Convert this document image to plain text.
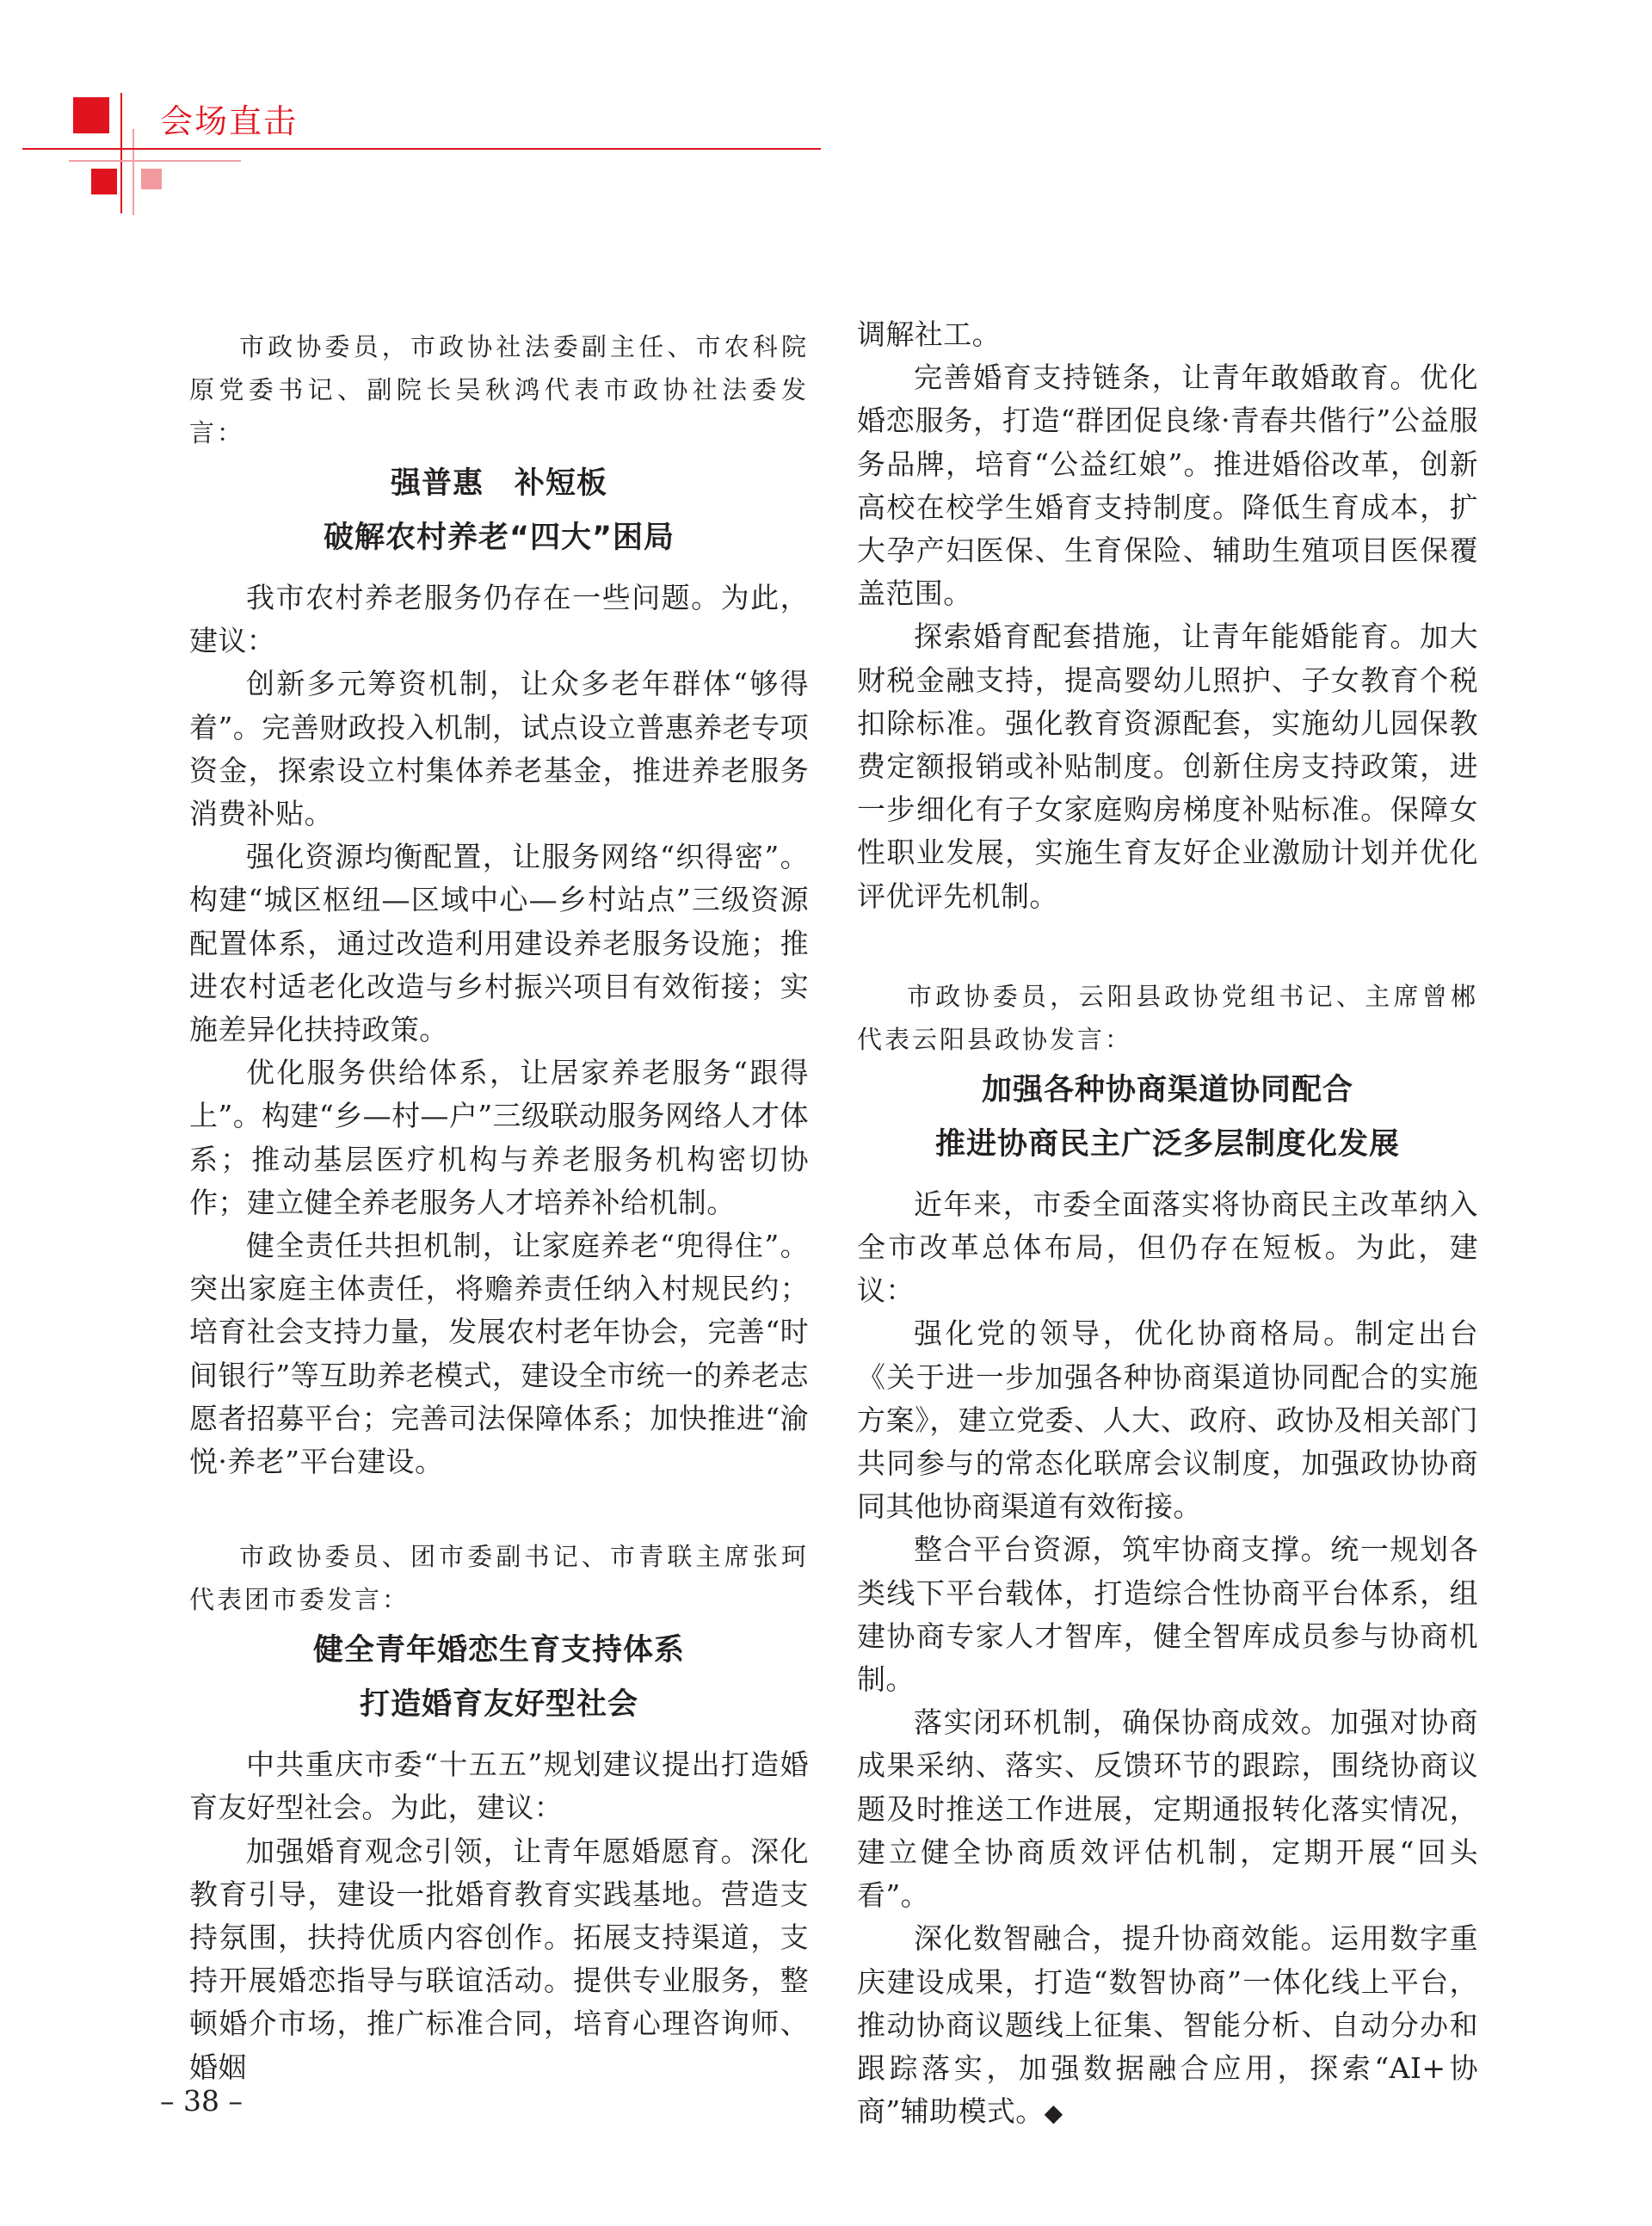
会场直击

市政协委员，市政协社法委副主任、市农科院原党委书记、副院长吴秋鸿代表市政协社法委发言：

强普惠　补短板
破解农村养老“四大”困局

我市农村养老服务仍存在一些问题。为此，建议：

创新多元筹资机制，让众多老年群体“够得着”。完善财政投入机制，试点设立普惠养老专项资金，探索设立村集体养老基金，推进养老服务消费补贴。

强化资源均衡配置，让服务网络“织得密”。构建“城区枢纽—区域中心—乡村站点”三级资源配置体系，通过改造利用建设养老服务设施；推进农村适老化改造与乡村振兴项目有效衔接；实施差异化扶持政策。

优化服务供给体系，让居家养老服务“跟得上”。构建“乡—村—户”三级联动服务网络人才体系；推动基层医疗机构与养老服务机构密切协作；建立健全养老服务人才培养补给机制。

健全责任共担机制，让家庭养老“兜得住”。突出家庭主体责任，将赡养责任纳入村规民约；培育社会支持力量，发展农村老年协会，完善“时间银行”等互助养老模式，建设全市统一的养老志愿者招募平台；完善司法保障体系；加快推进“渝悦·养老”平台建设。

市政协委员、团市委副书记、市青联主席张珂代表团市委发言：

健全青年婚恋生育支持体系
打造婚育友好型社会

中共重庆市委“十五五”规划建议提出打造婚育友好型社会。为此，建议：

加强婚育观念引领，让青年愿婚愿育。深化教育引导，建设一批婚育教育实践基地。营造支持氛围，扶持优质内容创作。拓展支持渠道，支持开展婚恋指导与联谊活动。提供专业服务，整顿婚介市场，推广标准合同，培育心理咨询师、婚姻

调解社工。

完善婚育支持链条，让青年敢婚敢育。优化婚恋服务，打造“群团促良缘·青春共偕行”公益服务品牌，培育“公益红娘”。推进婚俗改革，创新高校在校学生婚育支持制度。降低生育成本，扩大孕产妇医保、生育保险、辅助生殖项目医保覆盖范围。

探索婚育配套措施，让青年能婚能育。加大财税金融支持，提高婴幼儿照护、子女教育个税扣除标准。强化教育资源配套，实施幼儿园保教费定额报销或补贴制度。创新住房支持政策，进一步细化有子女家庭购房梯度补贴标准。保障女性职业发展，实施生育友好企业激励计划并优化评优评先机制。

市政协委员，云阳县政协党组书记、主席曾郴代表云阳县政协发言：

加强各种协商渠道协同配合
推进协商民主广泛多层制度化发展

近年来，市委全面落实将协商民主改革纳入全市改革总体布局，但仍存在短板。为此，建议：

强化党的领导，优化协商格局。制定出台《关于进一步加强各种协商渠道协同配合的实施方案》，建立党委、人大、政府、政协及相关部门共同参与的常态化联席会议制度，加强政协协商同其他协商渠道有效衔接。

整合平台资源，筑牢协商支撑。统一规划各类线下平台载体，打造综合性协商平台体系，组建协商专家人才智库，健全智库成员参与协商机制。

落实闭环机制，确保协商成效。加强对协商成果采纳、落实、反馈环节的跟踪，围绕协商议题及时推送工作进展，定期通报转化落实情况，建立健全协商质效评估机制，定期开展“回头看”。

深化数智融合，提升协商效能。运用数字重庆建设成果，打造“数智协商”一体化线上平台，推动协商议题线上征集、智能分析、自动分办和跟踪落实，加强数据融合应用，探索“AI+协商”辅助模式。◆

– 38 –
